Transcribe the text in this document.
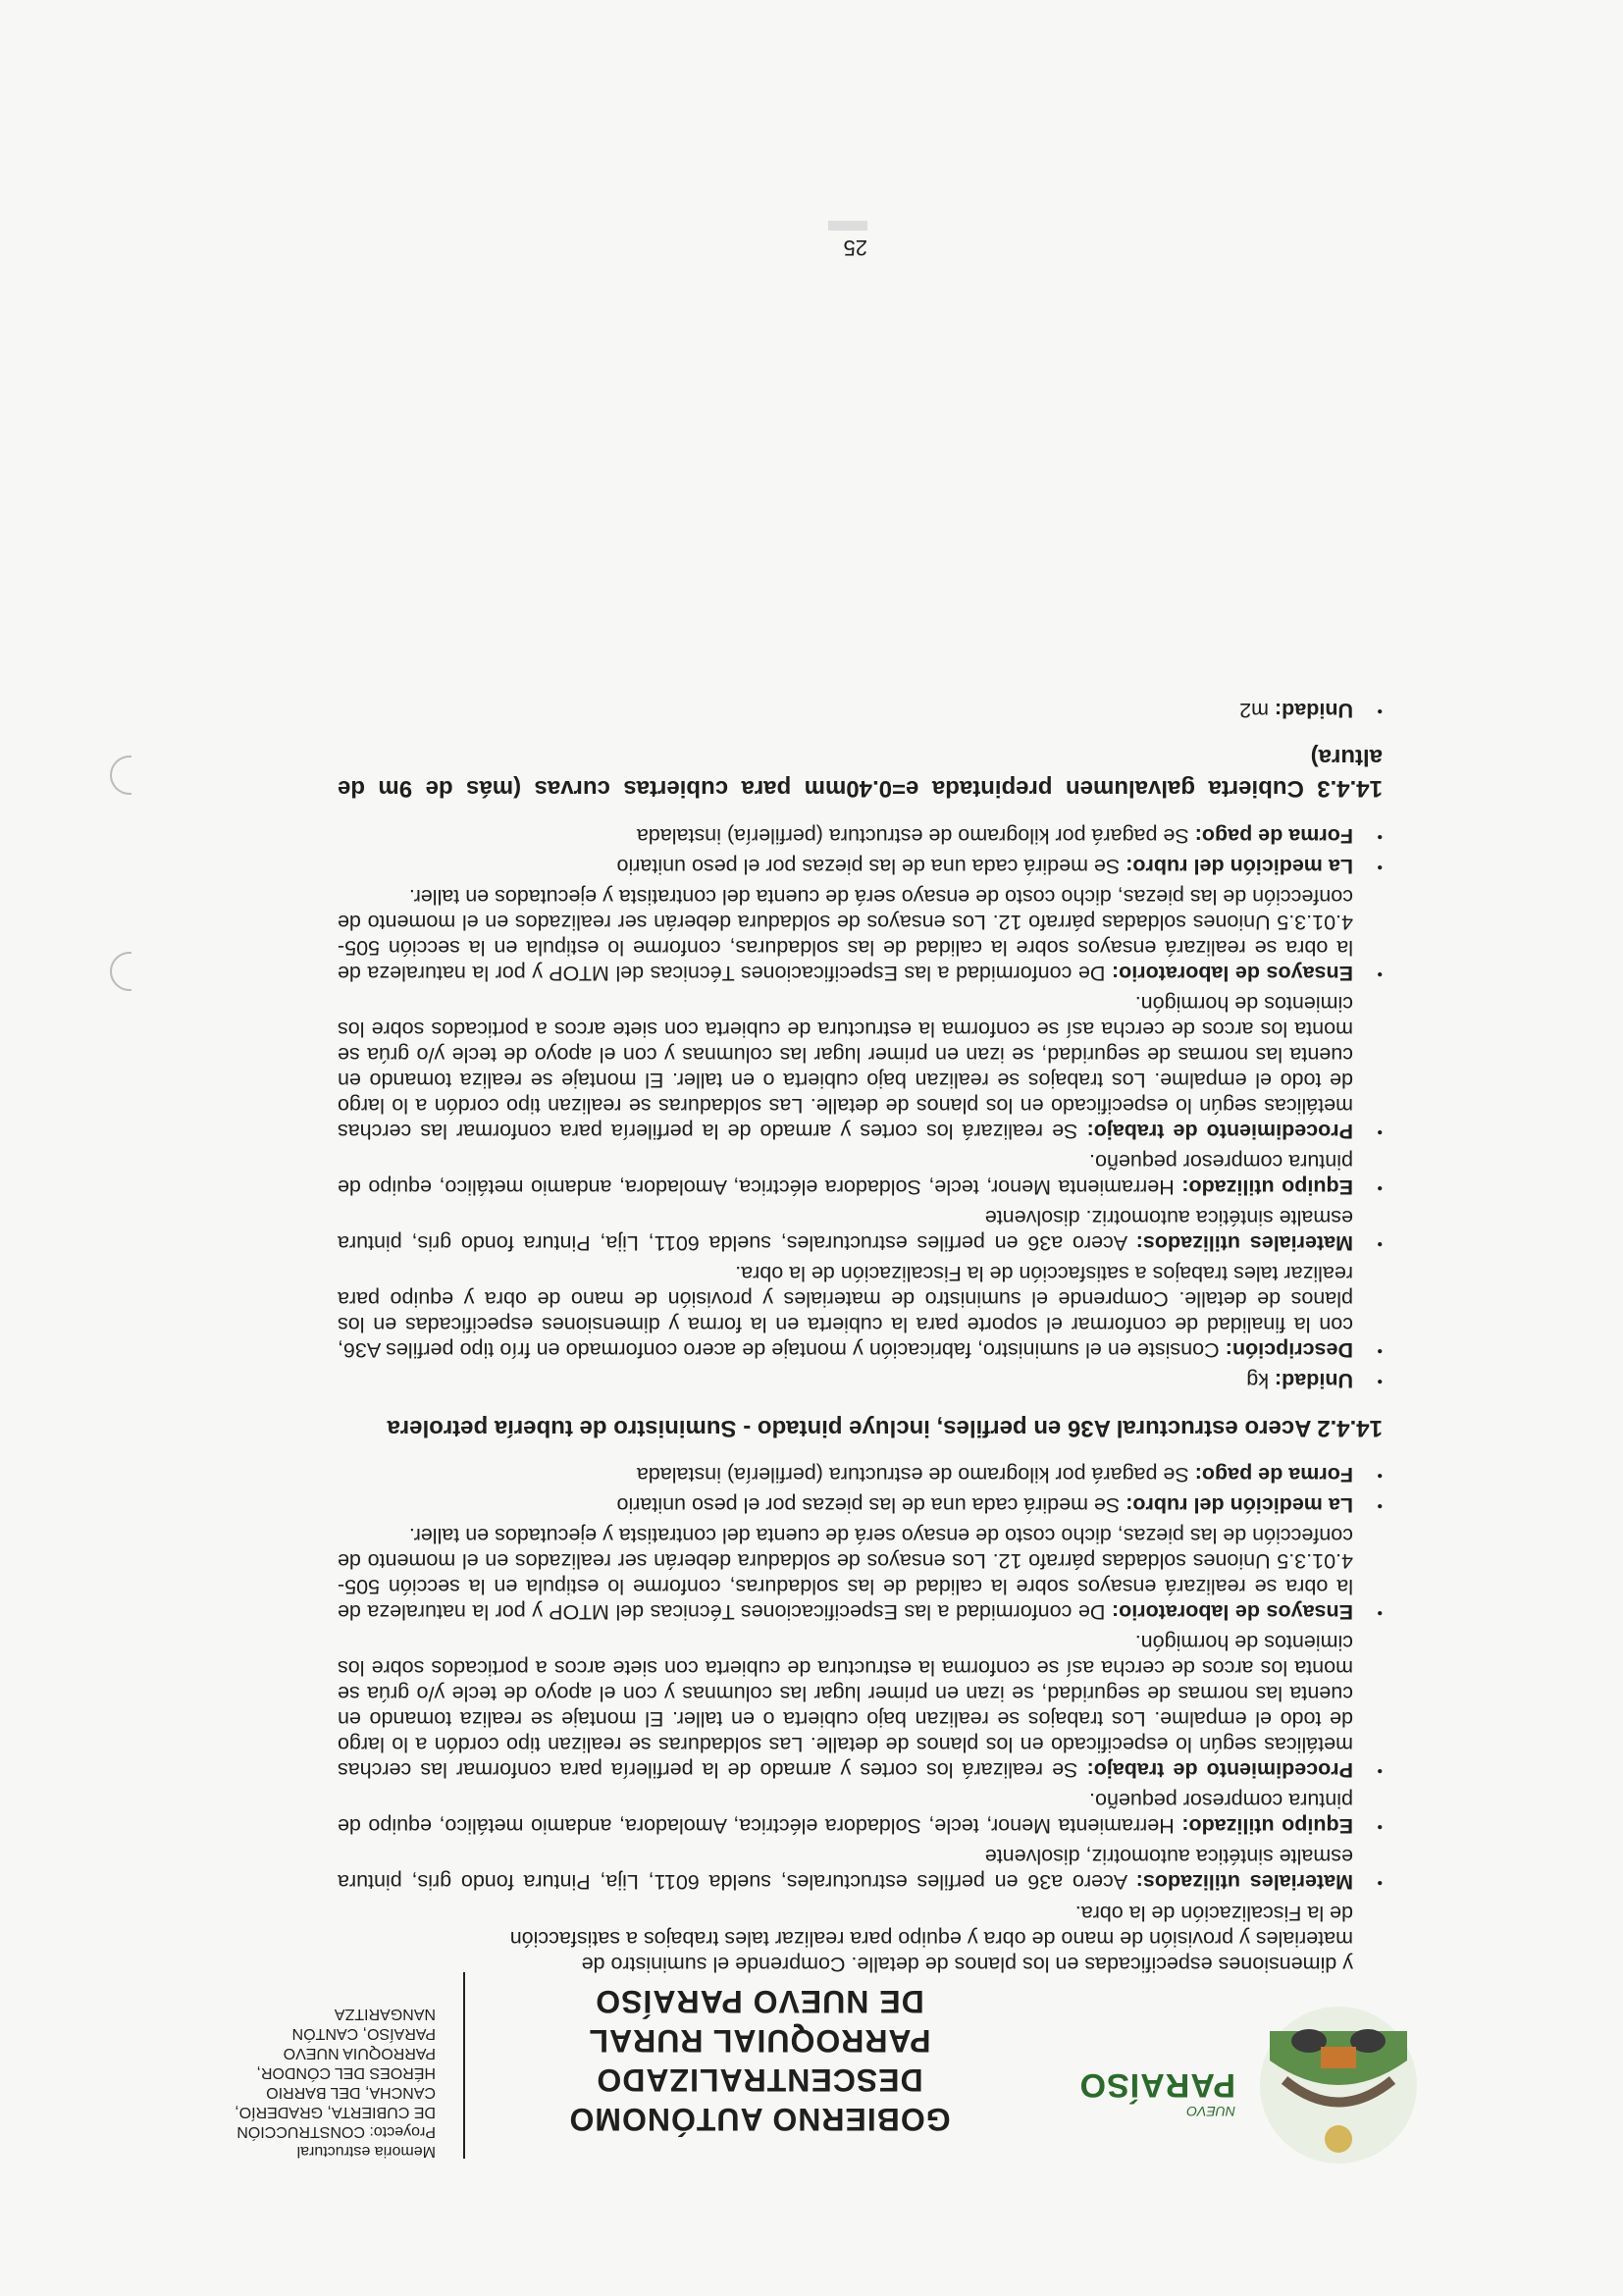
NUEVO
PARAÍSO
GOBIERNO AUTÓNOMO
DESCENTRALIZADO PARROQUIAL RURAL
DE NUEVO PARAÍSO
Memoria estructural
Proyecto: CONSTRUCCIÓN
DE CUBIERTA, GRADERÍO,
CANCHA, DEL BARRIO
HÉROES DEL CÓNDOR,
PARROQUIA NUEVO
PARAÍSO, CANTÓN
NANGARITZA
y dimensiones especificadas en los planos de detalle. Comprende el suministro de
materiales y provisión de mano de obra y equipo para realizar tales trabajos a satisfacción
de la Fiscalización de la obra.
•
Materiales utilizados: Acero a36 en perfiles estructurales, suelda 6011, Lija, Pintura fondo gris, pintura esmalte sintética automotriz, disolvente
•
Equipo utilizado: Herramienta Menor, tecle, Soldadora eléctrica, Amoladora, andamio metálico, equipo de pintura compresor pequeño.
•
Procedimiento de trabajo: Se realizará los cortes y armado de la perfilería para conformar las cerchas metálicas según lo especificado en los planos de detalle. Las soldaduras se realizan tipo cordón a lo largo de todo el empalme. Los trabajos se realizan bajo cubierta o en taller. El montaje se realiza tomando en cuenta las normas de seguridad, se izan en primer lugar las columnas y con el apoyo de tecle y/o grúa se monta los arcos de cercha así se conforma la estructura de cubierta con siete arcos a porticados sobre los cimientos de hormigón.
•
Ensayos de laboratorio: De conformidad a las Especificaciones Técnicas del MTOP y por la naturaleza de la obra se realizará ensayos sobre la calidad de las soldaduras, conforme lo estipula en la sección 505-4.01.3.5 Uniones soldadas párrafo 12. Los ensayos de soldadura deberán ser realizados en el momento de confección de las piezas, dicho costo de ensayo será de cuenta del contratista y ejecutados en taller.
•
La medición del rubro: Se medirá cada una de las piezas por el peso unitario
•
Forma de pago: Se pagará por kilogramo de estructura (perfilería) instalada
14.4.2 Acero estructural A36 en perfiles, incluye pintado - Suministro de tubería petrolera
•
Unidad: kg
•
Descripción: Consiste en el suministro, fabricación y montaje de acero conformado en frío tipo perfiles A36, con la finalidad de conformar el soporte para la cubierta en la forma y dimensiones especificadas en los planos de detalle. Comprende el suministro de materiales y provisión de mano de obra y equipo para realizar tales trabajos a satisfacción de la Fiscalización de la obra.
•
Materiales utilizados: Acero a36 en perfiles estructurales, suelda 6011, Lija, Pintura fondo gris, pintura esmalte sintética automotriz. disolvente
•
Equipo utilizado: Herramienta Menor, tecle, Soldadora eléctrica, Amoladora, andamio metálico, equipo de pintura compresor pequeño.
•
Procedimiento de trabajo: Se realizará los cortes y armado de la perfilería para conformar las cerchas metálicas según lo especificado en los planos de detalle. Las soldaduras se realizan tipo cordón a lo largo de todo el empalme. Los trabajos se realizan bajo cubierta o en taller. El montaje se realiza tomando en cuenta las normas de seguridad, se izan en primer lugar las columnas y con el apoyo de tecle y/o grúa se monta los arcos de cercha así se conforma la estructura de cubierta con siete arcos a porticados sobre los cimientos de hormigón.
•
Ensayos de laboratorio: De conformidad a las Especificaciones Técnicas del MTOP y por la naturaleza de la obra se realizará ensayos sobre la calidad de las soldaduras, conforme lo estipula en la sección 505-4.01.3.5 Uniones soldadas párrafo 12. Los ensayos de soldadura deberán ser realizados en el momento de confección de las piezas, dicho costo de ensayo será de cuenta del contratista y ejecutados en taller.
•
La medición del rubro: Se medirá cada una de las piezas por el peso unitario
•
Forma de pago: Se pagará por kilogramo de estructura (perfilería) instalada
14.4.3 Cubierta galvalumen prepintada e=0.40mm para cubiertas curvas (más de 9m de altura)
•
Unidad: m2
25
